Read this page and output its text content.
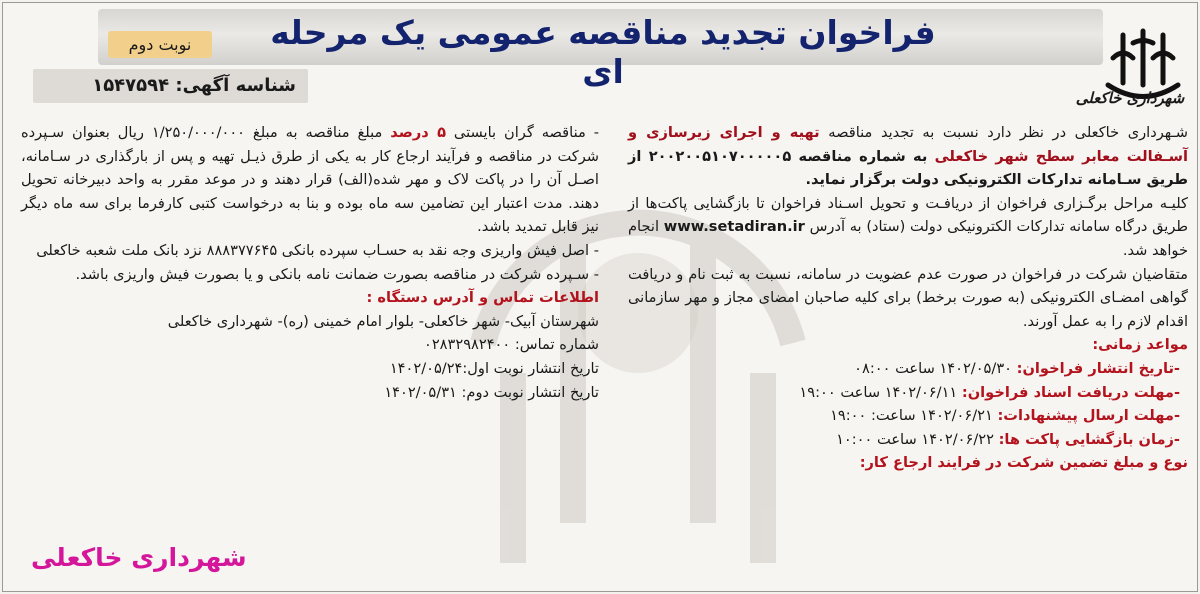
فراخوان تجدید مناقصه عمومی یک مرحله ای
نوبت دوم
شناسه آگهی: ۱۵۴۷۵۹۴
شهرداری خاکعلی

شـهرداری خاکعلی در نظر دارد نسبت به تجدید مناقصه تهیه و اجرای زیرسازی و آسـفالت معابر سطح شهر خاکعلی به شماره مناقصه ۲۰۰۲۰۰۵۱۰۷۰۰۰۰۰۵ از طریق سـامانه تدارکات الکترونیکی دولت برگزار نماید.

کلیـه مراحل برگـزاری فراخوان از دریافـت و تحویل اسـناد فراخوان تا بازگشایی پاکت‌ها از طریق درگاه سامانه تدارکات الکترونیکی دولت (ستاد) به آدرس www.setadiran.ir انجام خواهد شد.

متقاضیان شرکت در فراخوان در صورت عدم عضویت در سامانه، نسبت به ثبت نام و دریافت گواهی امضـای الکترونیکی (به صورت برخط) برای کلیه صاحبان امضای مجاز و مهر سازمانی اقدام لازم را به عمل آورند.

مواعد زمانی:

-تاریخ انتشار فراخوان: ۱۴۰۲/۰۵/۳۰ ساعت ۰۸:۰۰

-مهلت دریافت اسناد فراخوان: ۱۴۰۲/۰۶/۱۱ ساعت ۱۹:۰۰

-مهلت ارسال پیشنهادات: ۱۴۰۲/۰۶/۲۱ ساعت: ۱۹:۰۰

-زمان بازگشایی پاکت ها: ۱۴۰۲/۰۶/۲۲ ساعت ۱۰:۰۰

نوع و مبلغ تضمین شرکت در فرایند ارجاع کار:

- مناقصه گران بایستی ۵ درصد مبلغ مناقصه به مبلغ ۱/۲۵۰/۰۰۰/۰۰۰ ریال بعنوان سـپرده شرکت در مناقصه و فرآیند ارجاع کار به یکی از طرق ذیـل تهیه و پس از بارگذاری در سـامانه، اصـل آن را در پاکت لاک و مهر شده(الف) قرار دهند و در موعد مقرر به واحد دبیرخانه تحویل دهند. مدت اعتبار این تضامین سه ماه بوده و بنا به درخواست کتبی کارفرما برای سه ماه دیگر نیز قابل تمدید باشد.

- اصل فیش واریزی وجه نقد به حسـاب سپرده بانکی ۸۸۸۳۷۷۶۴۵ نزد بانک ملت شعبه خاکعلی

- سـپرده شرکت در مناقصه بصورت ضمانت نامه بانکی و یا بصورت فیش واریزی باشد.

اطلاعات تماس و آدرس دستگاه :

شهرستان آبیک- شهر خاکعلی- بلوار امام خمینی (ره)- شهرداری خاکعلی

شماره تماس: ۰۲۸۳۲۹۸۲۴۰۰

تاریخ انتشار نوبت اول:۱۴۰۲/۰۵/۲۴

تاریخ انتشار نوبت دوم: ۱۴۰۲/۰۵/۳۱

شهرداری خاکعلی
